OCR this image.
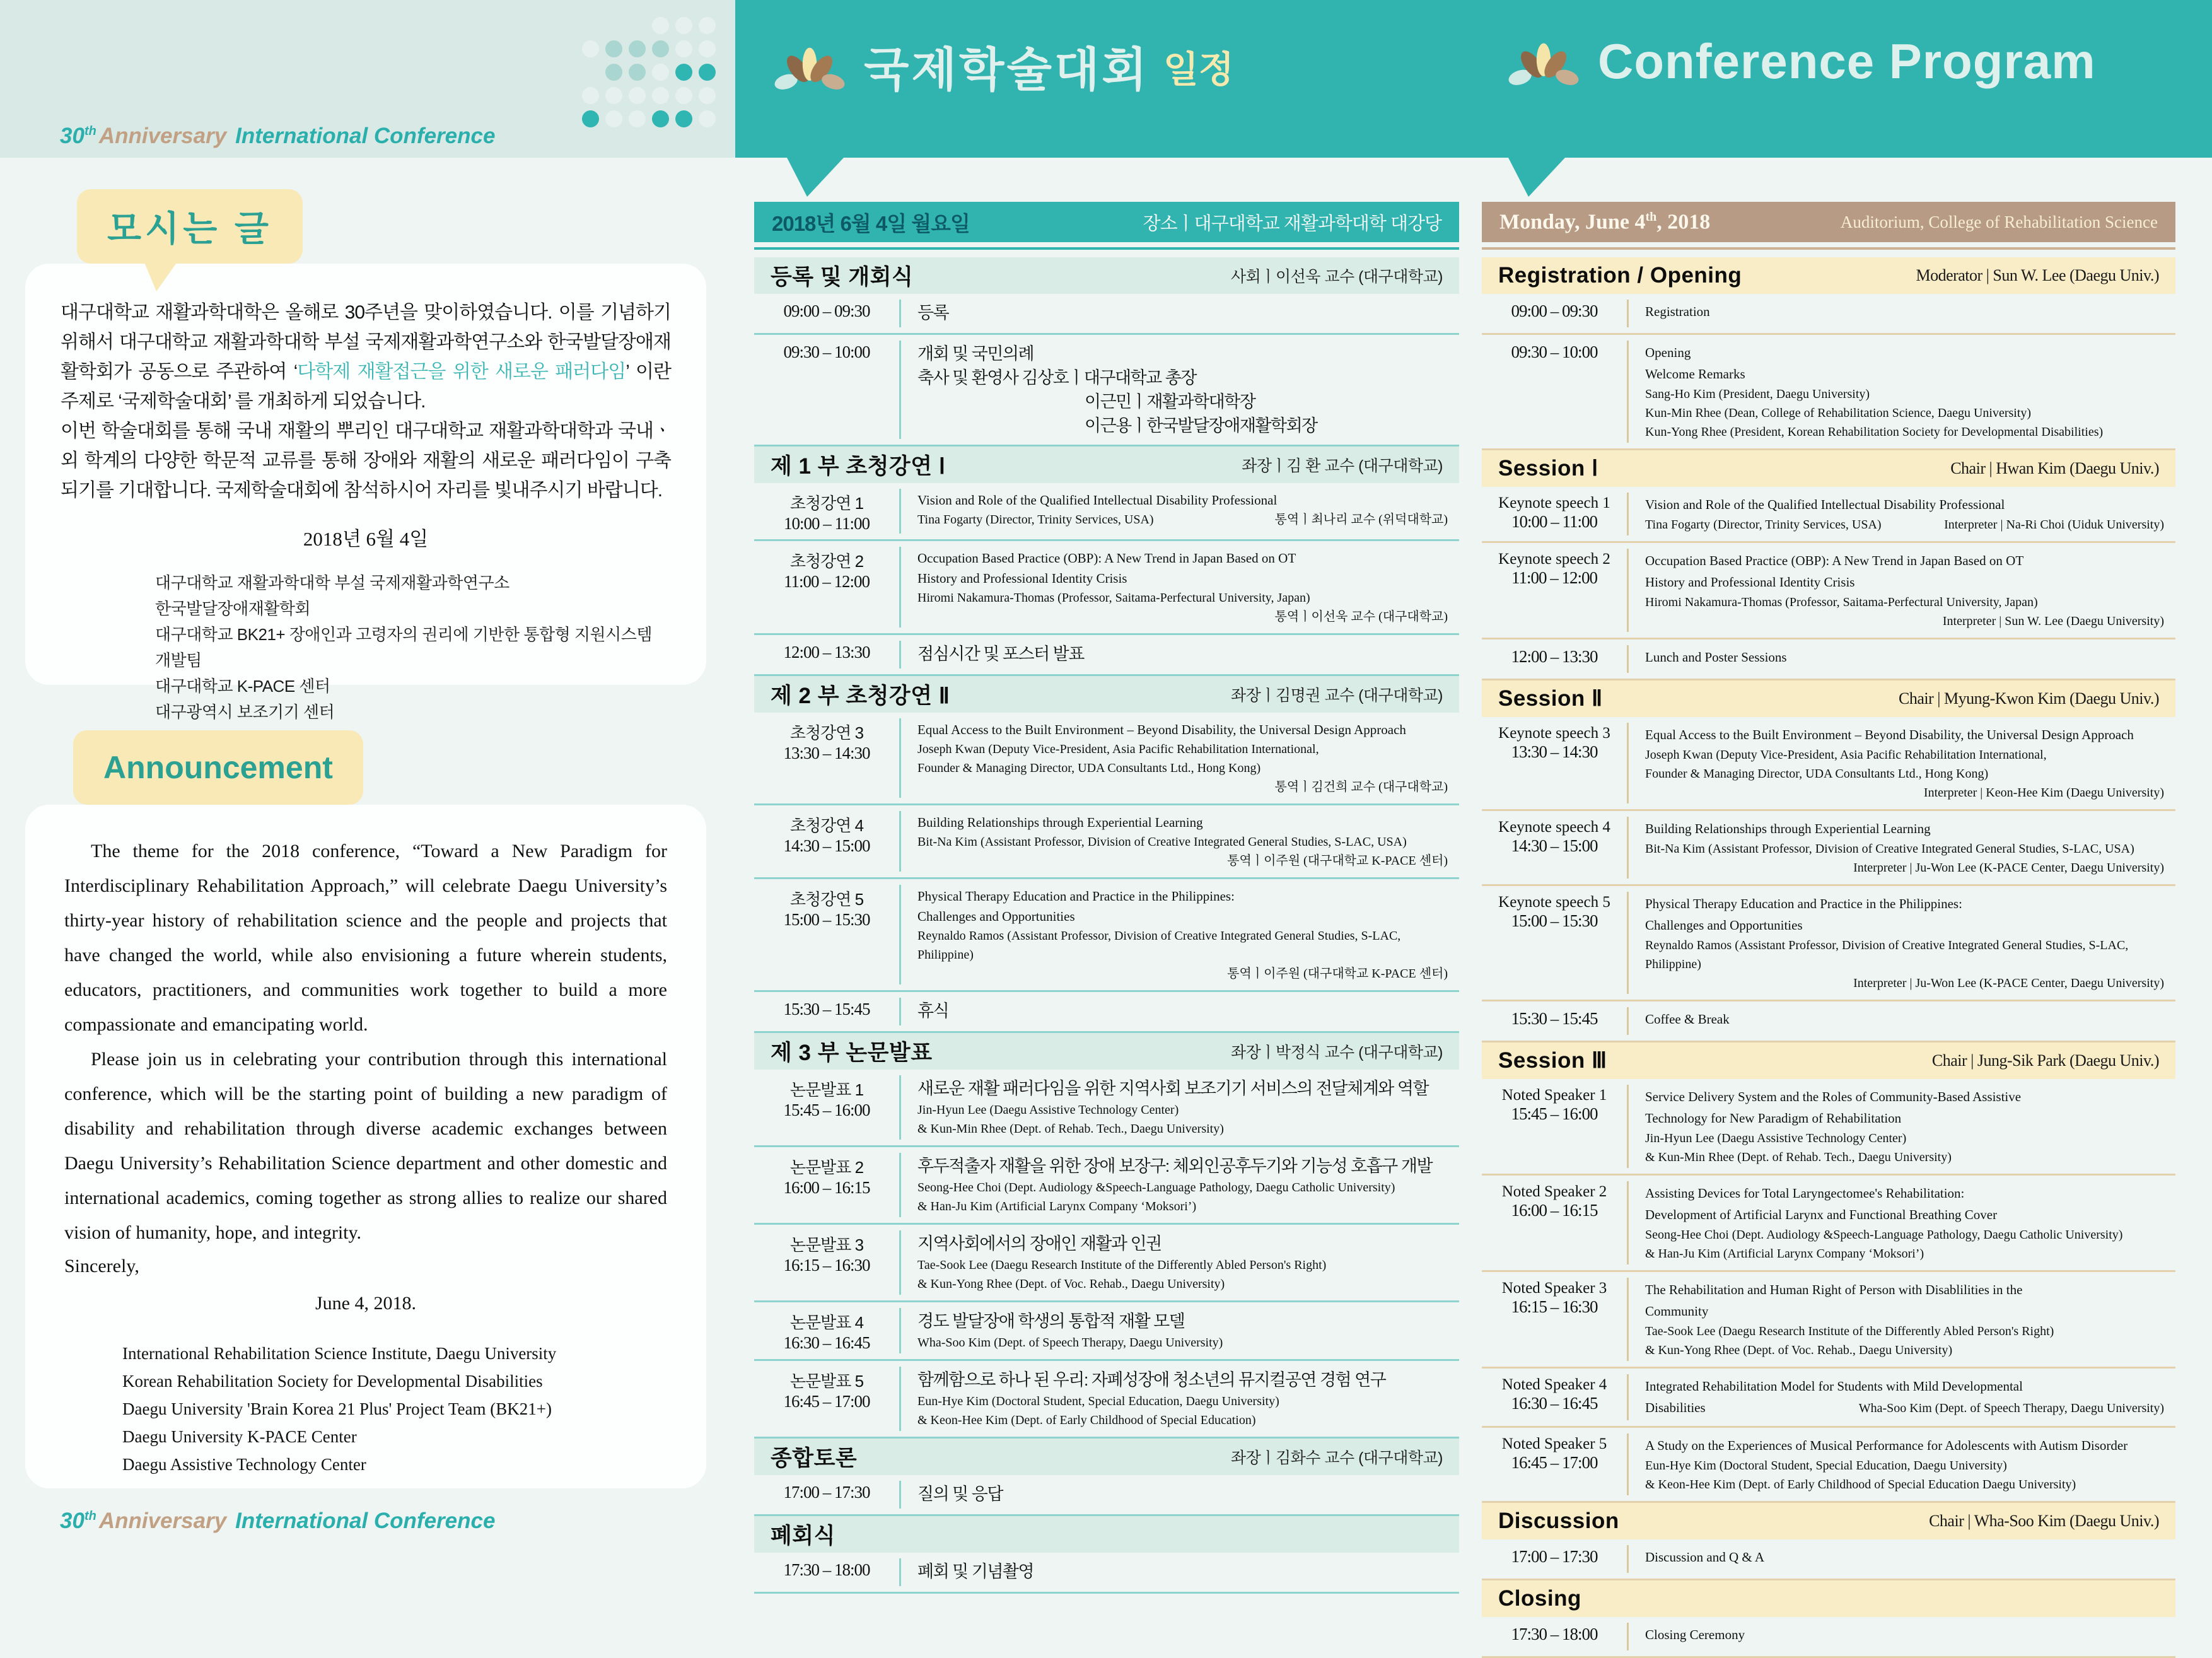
30th Anniversary International Conference
국제학술대회 일정	Conference Program
모시는 글

대구대학교 재활과학대학은 올해로 30주년을 맞이하였습니다. 이를 기념하기 위해서 대구대학교 재활과학대학 부설 국제재활과학연구소와 한국발달장애재활학회가 공동으로 주관하여 ‘다학제 재활접근을 위한 새로운 패러다임’ 이란 주제로 ‘국제학술대회’ 를 개최하게 되었습니다.

이번 학술대회를 통해 국내 재활의 뿌리인 대구대학교 재활과학대학과 국내ㆍ외 학계의 다양한 학문적 교류를 통해 장애와 재활의 새로운 패러다임이 구축되기를 기대합니다. 국제학술대회에 참석하시어 자리를 빛내주시기 바랍니다.

2018년 6월 4일
대구대학교 재활과학대학 부설 국제재활과학연구소
한국발달장애재활학회
대구대학교 BK21+ 장애인과 고령자의 권리에 기반한 통합형 지원시스템 개발팀
대구대학교 K-PACE 센터
대구광역시 보조기기 센터
Announcement

The theme for the 2018 conference, “Toward a New Paradigm for Interdisciplinary Rehabilitation Approach,” will celebrate Daegu University’s thirty-year history of rehabilitation science and the people and projects that have changed the world, while also envisioning a future wherein students, educators, practitioners, and communities work together to build a more compassionate and emancipating world.

Please join us in celebrating your contribution through this international conference, which will be the starting point of building a new paradigm of disability and rehabilitation through diverse academic exchanges between Daegu University’s Rehabilitation Science department and other domestic and international academics, coming together as strong allies to realize our shared vision of humanity, hope, and integrity.

Sincerely,
June 4, 2018.
International Rehabilitation Science Institute, Daegu University
Korean Rehabilitation Society for Developmental Disabilities
Daegu University 'Brain Korea 21 Plus' Project Team (BK21+)
Daegu University K-PACE Center
Daegu Assistive Technology Center
30th Anniversary International Conference
2018년 6월 4일 월요일	장소ㅣ대구대학교 재활과학대학 대강당
등록 및 개회식	사회ㅣ이선욱 교수 (대구대학교)
09:00 – 09:30	등록
09:30 – 10:00	개회 및 국민의례
축사 및 환영사 김상호ㅣ대구대학교 총장
이근민ㅣ재활과학대학장
이근용ㅣ한국발달장애재활학회장
제 1 부 초청강연 Ⅰ	좌장ㅣ김 환 교수 (대구대학교)
초청강연 1
10:00 – 11:00
Vision and Role of the Qualified Intellectual Disability Professional
Tina Fogarty (Director, Trinity Services, USA)	통역ㅣ최나리 교수 (위덕대학교)
초청강연 2
11:00 – 12:00
Occupation Based Practice (OBP): A New Trend in Japan Based on OT
History and Professional Identity Crisis
Hiromi Nakamura-Thomas (Professor, Saitama-Perfectural University, Japan)
통역ㅣ이선욱 교수 (대구대학교)
12:00 – 13:30	점심시간 및 포스터 발표
제 2 부 초청강연 Ⅱ	좌장ㅣ김명권 교수 (대구대학교)
초청강연 3
13:30 – 14:30
Equal Access to the Built Environment – Beyond Disability, the Universal Design Approach
Joseph Kwan (Deputy Vice-President, Asia Pacific Rehabilitation International,
Founder & Managing Director, UDA Consultants Ltd., Hong Kong)
통역ㅣ김건희 교수 (대구대학교)
초청강연 4
14:30 – 15:00
Building Relationships through Experiential Learning
Bit-Na Kim (Assistant Professor, Division of Creative Integrated General Studies, S-LAC, USA)
통역ㅣ이주원 (대구대학교 K-PACE 센터)
초청강연 5
15:00 – 15:30
Physical Therapy Education and Practice in the Philippines:
Challenges and Opportunities
Reynaldo Ramos (Assistant Professor, Division of Creative Integrated General Studies, S-LAC, Philippine)
통역ㅣ이주원 (대구대학교 K-PACE 센터)
15:30 – 15:45	휴식
제 3 부 논문발표	좌장ㅣ박정식 교수 (대구대학교)
논문발표 1
15:45 – 16:00
새로운 재활 패러다임을 위한 지역사회 보조기기 서비스의 전달체계와 역할
Jin-Hyun Lee (Daegu Assistive Technology Center)
& Kun-Min Rhee (Dept. of Rehab. Tech., Daegu University)
논문발표 2
16:00 – 16:15
후두적출자 재활을 위한 장애 보장구: 체외인공후두기와 기능성 호흡구 개발
Seong-Hee Choi (Dept. Audiology &Speech-Language Pathology, Daegu Catholic University)
& Han-Ju Kim (Artificial Larynx Company ‘Moksori’)
논문발표 3
16:15 – 16:30
지역사회에서의 장애인 재활과 인권
Tae-Sook Lee (Daegu Research Institute of the Differently Abled Person's Right)
& Kun-Yong Rhee (Dept. of Voc. Rehab., Daegu University)
논문발표 4
16:30 – 16:45
경도 발달장애 학생의 통합적 재활 모델
Wha-Soo Kim (Dept. of Speech Therapy, Daegu University)
논문발표 5
16:45 – 17:00
함께함으로 하나 된 우리: 자폐성장애 청소년의 뮤지컬공연 경험 연구
Eun-Hye Kim (Doctoral Student, Special Education, Daegu University)
& Keon-Hee Kim (Dept. of Early Childhood of Special Education)
종합토론	좌장ㅣ김화수 교수 (대구대학교)
17:00 – 17:30	질의 및 응답
폐회식
17:30 – 18:00	폐회 및 기념촬영
Monday, June 4th, 2018	Auditorium, College of Rehabilitation Science
Registration / Opening	Moderator | Sun W. Lee (Daegu Univ.)
09:00 – 09:30	Registration
09:30 – 10:00	Opening
Welcome Remarks
Sang-Ho Kim (President, Daegu University)
Kun-Min Rhee (Dean, College of Rehabilitation Science, Daegu University)
Kun-Yong Rhee (President, Korean Rehabilitation Society for Developmental Disabilities)
Session Ⅰ	Chair | Hwan Kim (Daegu Univ.)
Keynote speech 1
10:00 – 11:00
Vision and Role of the Qualified Intellectual Disability Professional
Tina Fogarty (Director, Trinity Services, USA)	Interpreter | Na-Ri Choi (Uiduk University)
Keynote speech 2
11:00 – 12:00
Occupation Based Practice (OBP): A New Trend in Japan Based on OT
History and Professional Identity Crisis
Hiromi Nakamura-Thomas (Professor, Saitama-Perfectural University, Japan)
Interpreter | Sun W. Lee (Daegu University)
12:00 – 13:30	Lunch and Poster Sessions
Session Ⅱ	Chair | Myung-Kwon Kim (Daegu Univ.)
Keynote speech 3
13:30 – 14:30
Equal Access to the Built Environment – Beyond Disability, the Universal Design Approach
Joseph Kwan (Deputy Vice-President, Asia Pacific Rehabilitation International,
Founder & Managing Director, UDA Consultants Ltd., Hong Kong)
Interpreter | Keon-Hee Kim (Daegu University)
Keynote speech 4
14:30 – 15:00
Building Relationships through Experiential Learning
Bit-Na Kim (Assistant Professor, Division of Creative Integrated General Studies, S-LAC, USA)
Interpreter | Ju-Won Lee (K-PACE Center, Daegu University)
Keynote speech 5
15:00 – 15:30
Physical Therapy Education and Practice in the Philippines:
Challenges and Opportunities
Reynaldo Ramos (Assistant Professor, Division of Creative Integrated General Studies, S-LAC, Philippine)
Interpreter | Ju-Won Lee (K-PACE Center, Daegu University)
15:30 – 15:45	Coffee & Break
Session Ⅲ	Chair | Jung-Sik Park (Daegu Univ.)
Noted Speaker 1
15:45 – 16:00
Service Delivery System and the Roles of Community-Based Assistive
Technology for New Paradigm of Rehabilitation
Jin-Hyun Lee (Daegu Assistive Technology Center)
& Kun-Min Rhee (Dept. of Rehab. Tech., Daegu University)
Noted Speaker 2
16:00 – 16:15
Assisting Devices for Total Laryngectomee's Rehabilitation:
Development of Artificial Larynx and Functional Breathing Cover
Seong-Hee Choi (Dept. Audiology &Speech-Language Pathology, Daegu Catholic University)
& Han-Ju Kim (Artificial Larynx Company ‘Moksori’)
Noted Speaker 3
16:15 – 16:30
The Rehabilitation and Human Right of Person with Disablilities in the
Community
Tae-Sook Lee (Daegu Research Institute of the Differently Abled Person's Right)
& Kun-Yong Rhee (Dept. of Voc. Rehab., Daegu University)
Noted Speaker 4
16:30 – 16:45
Integrated Rehabilitation Model for Students with Mild Developmental
Disabilities	Wha-Soo Kim (Dept. of Speech Therapy, Daegu University)
Noted Speaker 5
16:45 – 17:00
A Study on the Experiences of Musical Performance for Adolescents with Autism Disorder
Eun-Hye Kim (Doctoral Student, Special Education, Daegu University)
& Keon-Hee Kim (Dept. of Early Childhood of Special Education Daegu University)
Discussion	Chair | Wha-Soo Kim (Daegu Univ.)
17:00 – 17:30	Discussion and Q & A
Closing
17:30 – 18:00	Closing Ceremony
